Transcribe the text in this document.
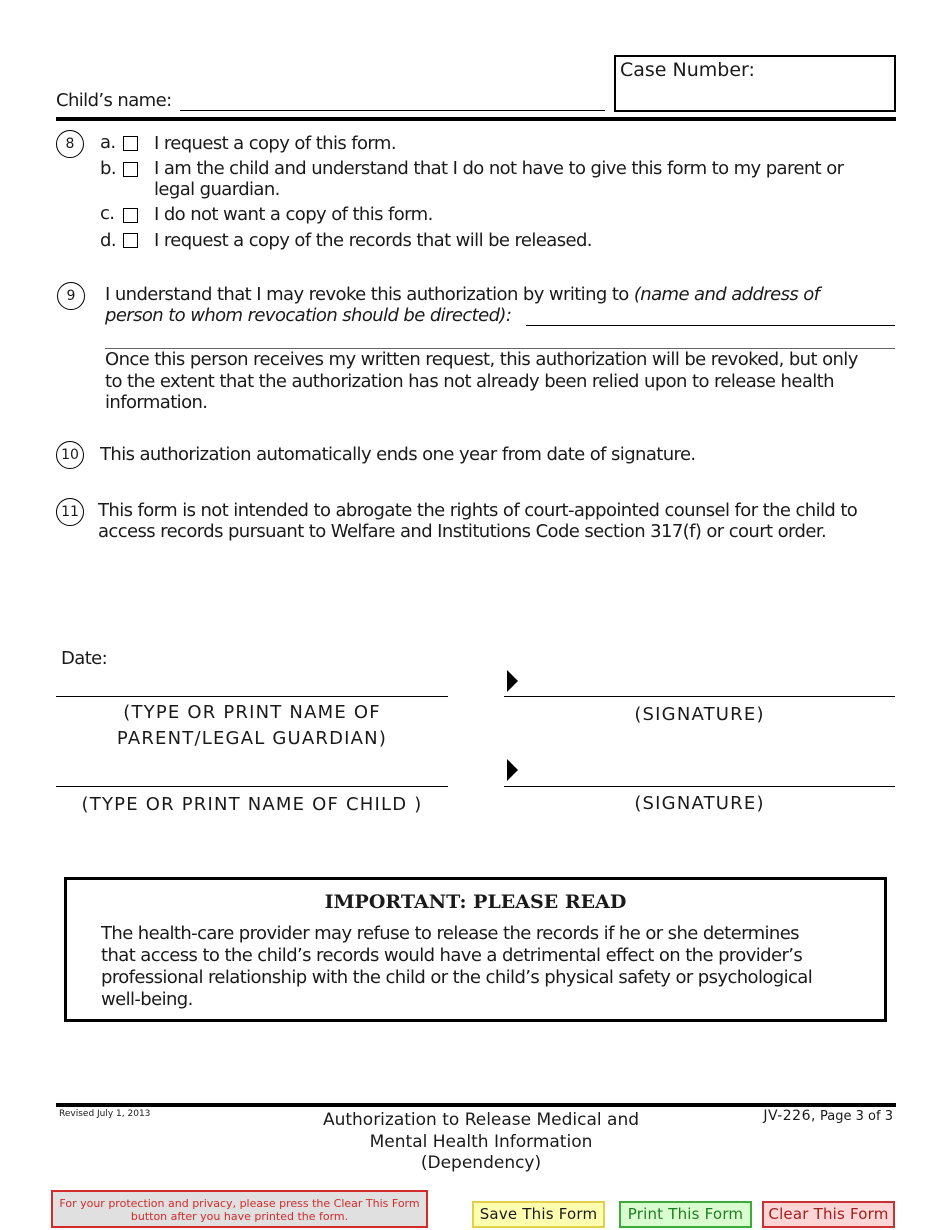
Case Number:
Child’s name:
8	a. I request a copy of this form.
b. I am the child and understand that I do not have to give this form to my parent or
legal guardian.
c. I do not want a copy of this form.
d. I request a copy of the records that will be released.
9	I understand that I may revoke this authorization by writing to (name and address of
person to whom revocation should be directed):
Once this person receives my written request, this authorization will be revoked, but only
to the extent that the authorization has not already been relied upon to release health
information.
10 This authorization automatically ends one year from date of signature.
11 This form is not intended to abrogate the rights of court-appointed counsel for the child to
access records pursuant to Welfare and Institutions Code section 317(f) or court order.
Date:
(TYPE OR PRINT NAME OF
PARENT/LEGAL GUARDIAN)
(SIGNATURE)
(TYPE OR PRINT NAME OF CHILD )	(SIGNATURE)
IMPORTANT: PLEASE READ
The health-care provider may refuse to release the records if he or she determines
that access to the child’s records would have a detrimental effect on the provider’s
professional relationship with the child or the child’s physical safety or psychological
well-being.
Revised July 1, 2013	Authorization to Release Medical and
Mental Health Information
(Dependency)
JV-226, Page 3 of 3
For your protection and privacy, please press the Clear This Form
button after you have printed the form.	Save This Form	Print This Form	Clear This Form
